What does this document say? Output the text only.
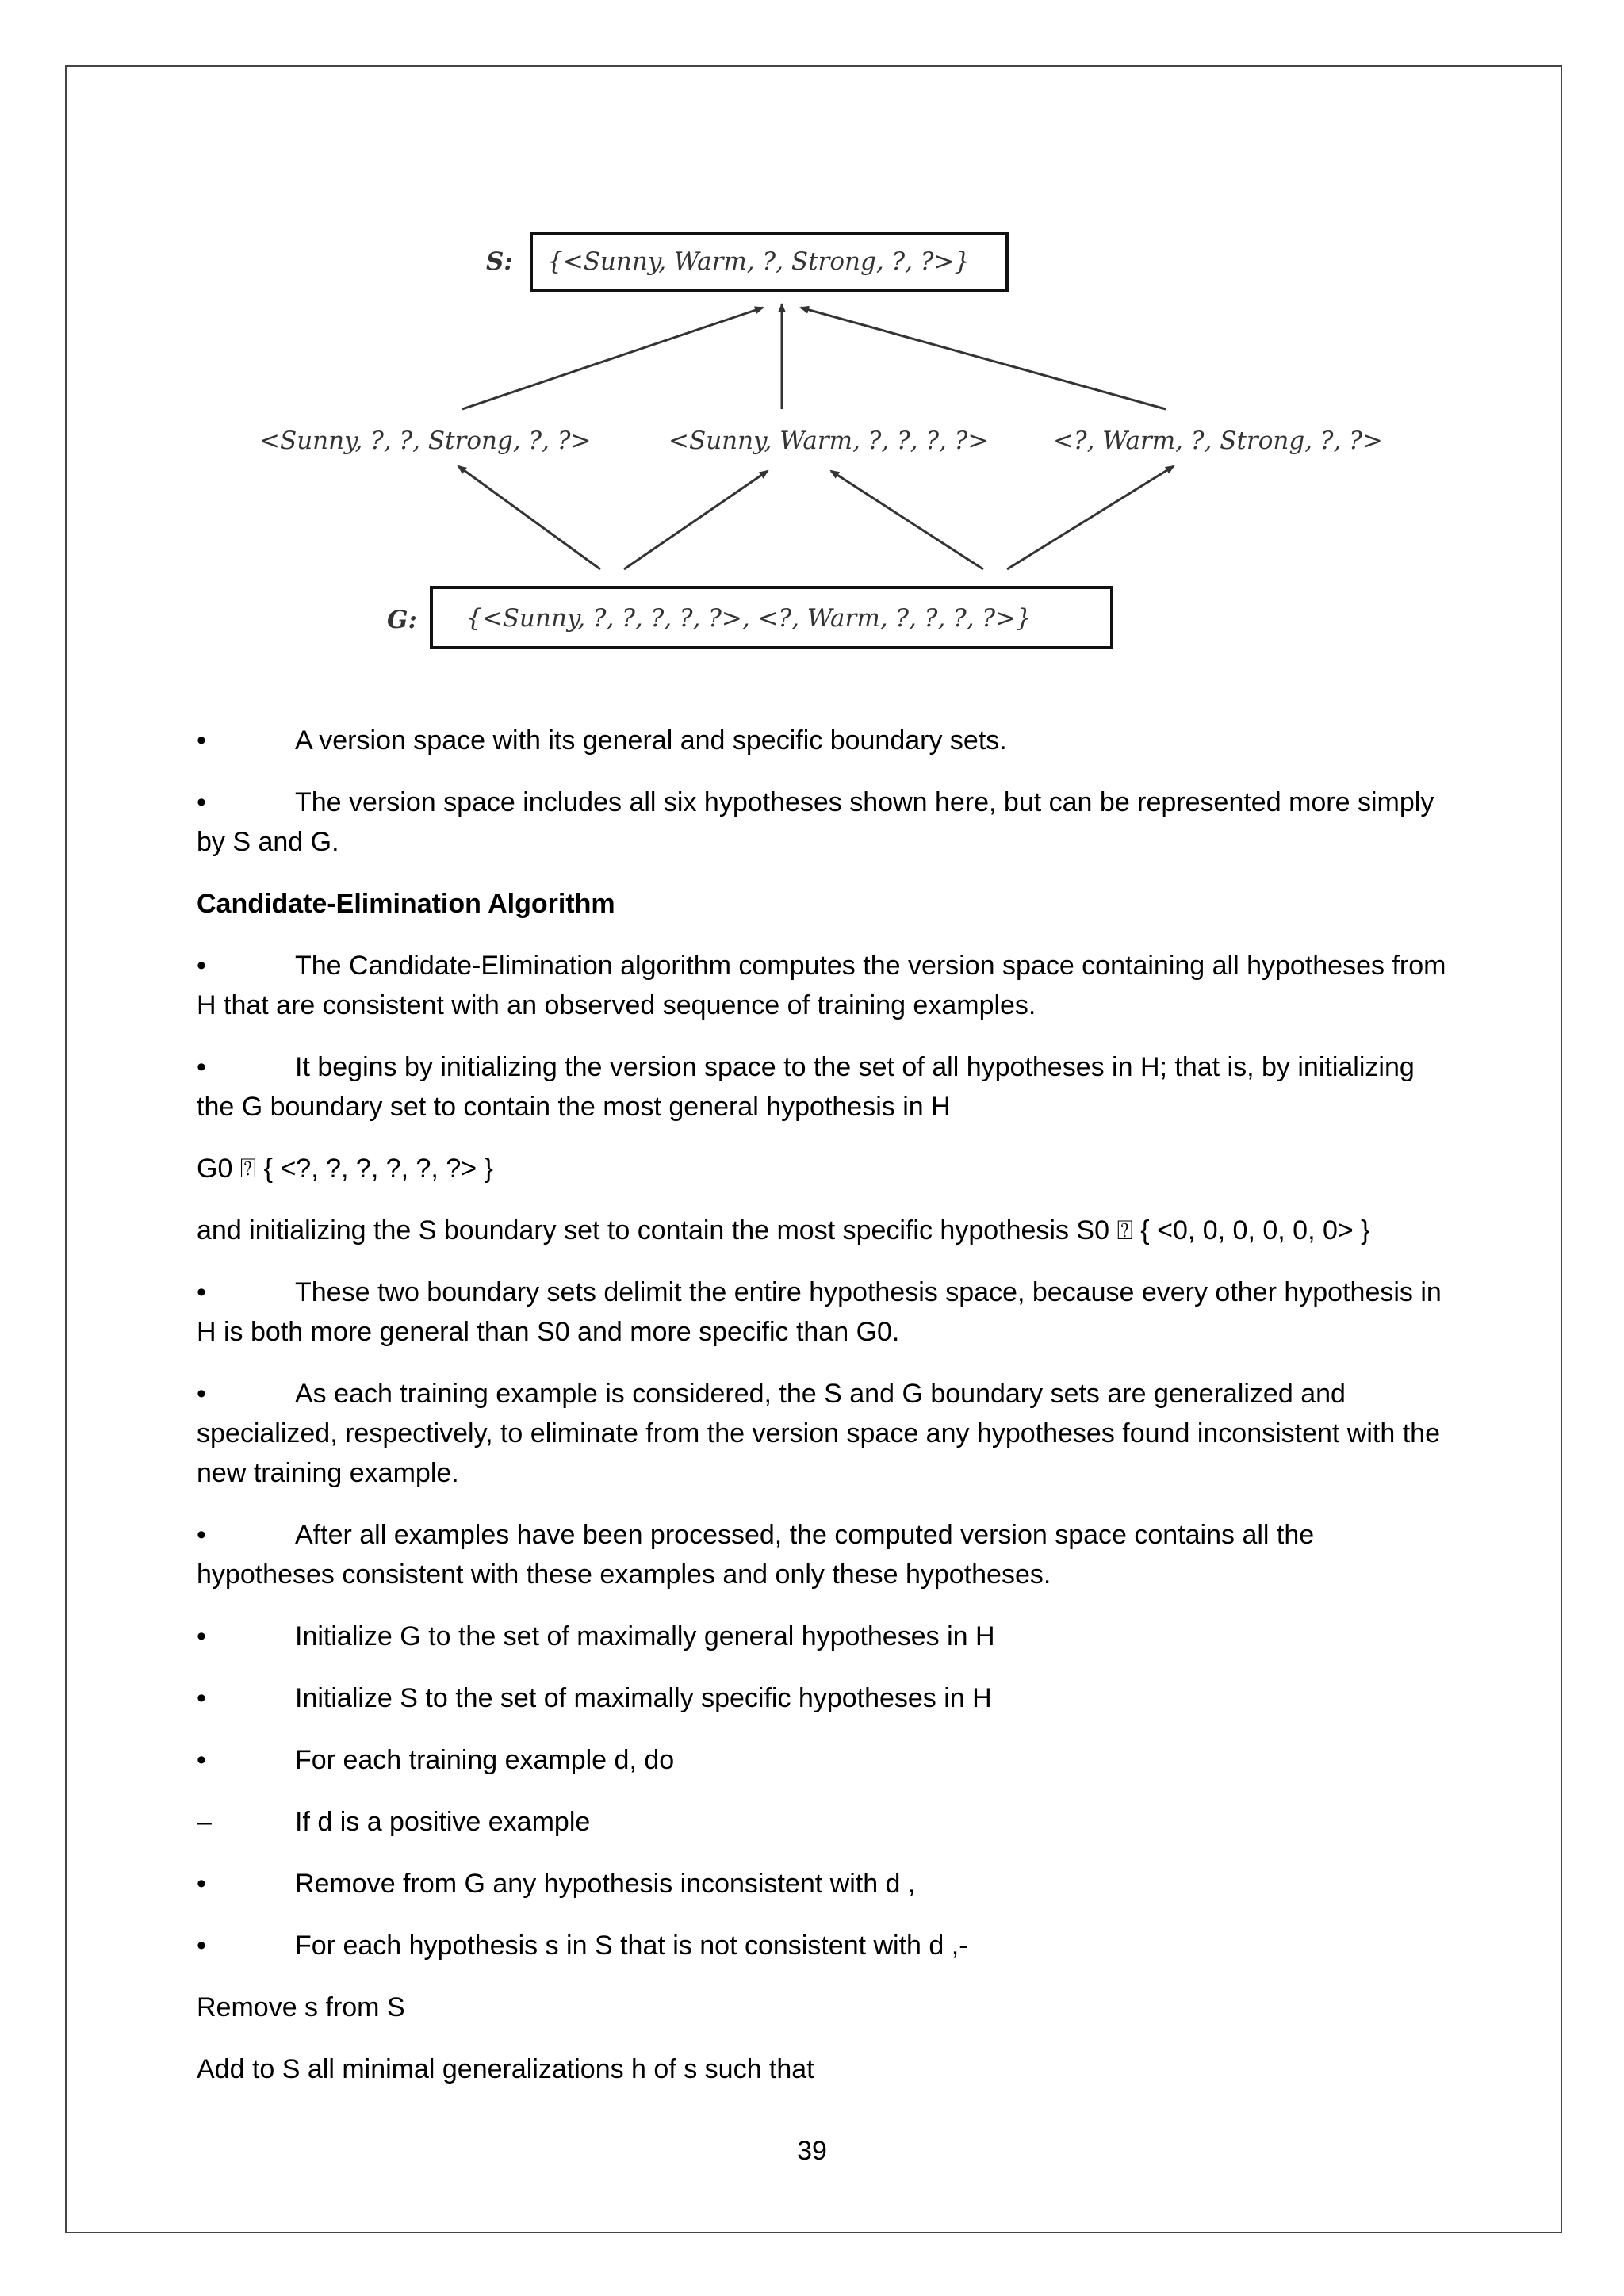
S: {<Sunny, Warm, ?, Strong, ?, ?>}
<Sunny, ?, ?, Strong, ?, ?>	<Sunny, Warm, ?, ?, ?, ?>	<?, Warm, ?, Strong, ?, ?>
G: {<Sunny, ?, ?, ?, ?, ?>, <?, Warm, ?, ?, ?, ?>}

•	A version space with its general and specific boundary sets.

•	The version space includes all six hypotheses shown here, but can be represented more simply by S and G.

Candidate-Elimination Algorithm

•	The Candidate-Elimination algorithm computes the version space containing all hypotheses from H that are consistent with an observed sequence of training examples.

•	It begins by initializing the version space to the set of all hypotheses in H; that is, by initializing the G boundary set to contain the most general hypothesis in H

G0 ⍰ { <?, ?, ?, ?, ?, ?> }

and initializing the S boundary set to contain the most specific hypothesis S0 ⍰ { <0, 0, 0, 0, 0, 0> }

•	These two boundary sets delimit the entire hypothesis space, because every other hypothesis in H is both more general than S0 and more specific than G0.

•	As each training example is considered, the S and G boundary sets are generalized and specialized, respectively, to eliminate from the version space any hypotheses found inconsistent with the new training example.

•	After all examples have been processed, the computed version space contains all the hypotheses consistent with these examples and only these hypotheses.

•	Initialize G to the set of maximally general hypotheses in H

•	Initialize S to the set of maximally specific hypotheses in H

•	For each training example d, do

–	If d is a positive example

•	Remove from G any hypothesis inconsistent with d ,

•	For each hypothesis s in S that is not consistent with d ,-

Remove s from S

Add to S all minimal generalizations h of s such that

39
